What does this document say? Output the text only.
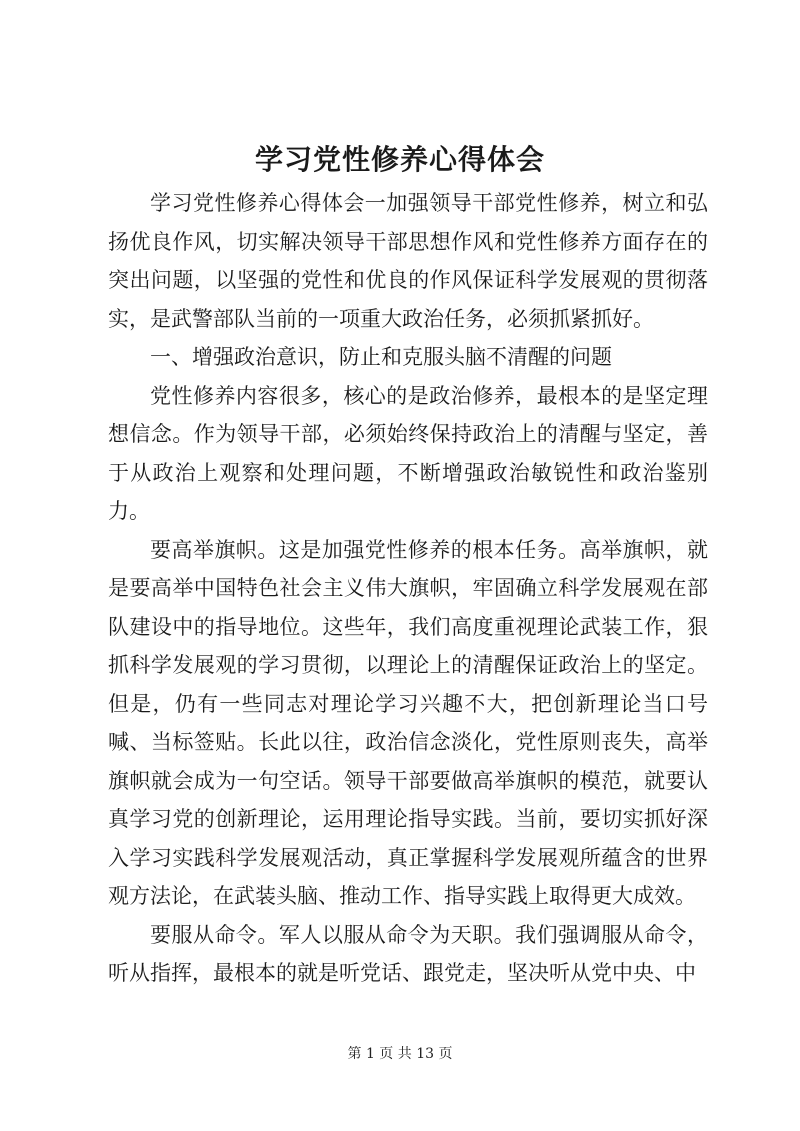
学习党性修养心得体会

学习党性修养心得体会一加强领导干部党性修养，树立和弘扬优良作风，切实解决领导干部思想作风和党性修养方面存在的突出问题，以坚强的党性和优良的作风保证科学发展观的贯彻落实，是武警部队当前的一项重大政治任务，必须抓紧抓好。

一、增强政治意识，防止和克服头脑不清醒的问题

党性修养内容很多，核心的是政治修养，最根本的是坚定理想信念。作为领导干部，必须始终保持政治上的清醒与坚定，善于从政治上观察和处理问题，不断增强政治敏锐性和政治鉴别力。

要高举旗帜。这是加强党性修养的根本任务。高举旗帜，就是要高举中国特色社会主义伟大旗帜，牢固确立科学发展观在部队建设中的指导地位。这些年，我们高度重视理论武装工作，狠抓科学发展观的学习贯彻，以理论上的清醒保证政治上的坚定。但是，仍有一些同志对理论学习兴趣不大，把创新理论当口号喊、当标签贴。长此以往，政治信念淡化，党性原则丧失，高举旗帜就会成为一句空话。领导干部要做高举旗帜的模范，就要认真学习党的创新理论，运用理论指导实践。当前，要切实抓好深入学习实践科学发展观活动，真正掌握科学发展观所蕴含的世界观方法论，在武装头脑、推动工作、指导实践上取得更大成效。

要服从命令。军人以服从命令为天职。我们强调服从命令，听从指挥，最根本的就是听党话、跟党走，坚决听从党中央、中

第 1 页 共 13 页
